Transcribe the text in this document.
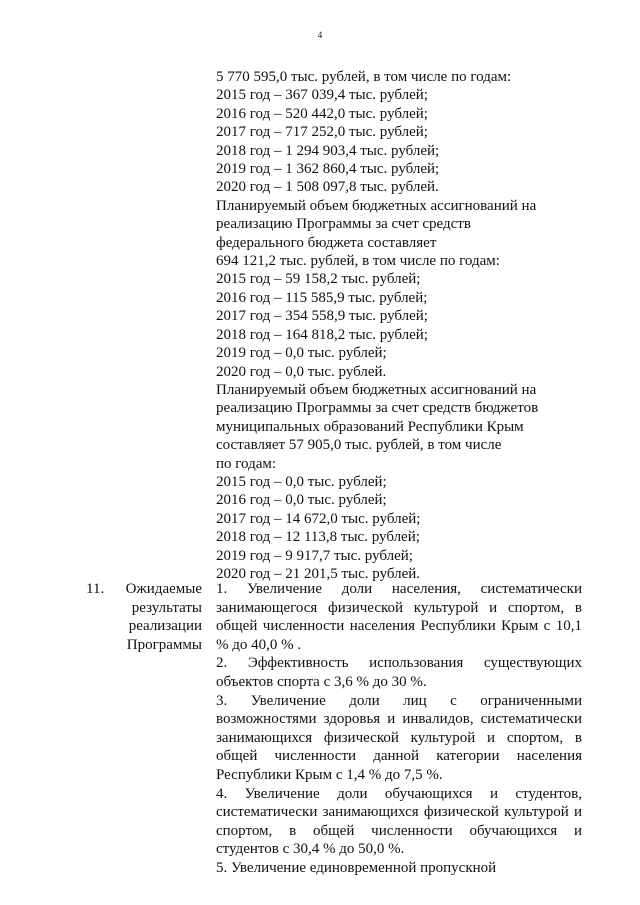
4
5 770 595,0 тыс. рублей, в том числе по годам:
2015 год – 367 039,4 тыс. рублей;
2016 год – 520 442,0 тыс. рублей;
2017 год – 717 252,0 тыс. рублей;
2018 год – 1 294 903,4 тыс. рублей;
2019 год – 1 362 860,4 тыс. рублей;
2020 год – 1 508 097,8 тыс. рублей.
Планируемый объем бюджетных ассигнований на
реализацию Программы за счет средств
федерального бюджета составляет
694 121,2 тыс. рублей, в том числе по годам:
2015 год – 59 158,2 тыс. рублей;
2016 год – 115 585,9 тыс. рублей;
2017 год – 354 558,9 тыс. рублей;
2018 год – 164 818,2 тыс. рублей;
2019 год – 0,0 тыс. рублей;
2020 год – 0,0 тыс. рублей.
Планируемый объем бюджетных ассигнований на
реализацию Программы за счет средств бюджетов
муниципальных образований Республики Крым
составляет 57 905,0 тыс. рублей, в том числе
по годам:
2015 год – 0,0 тыс. рублей;
2016 год – 0,0 тыс. рублей;
2017 год – 14 672,0 тыс. рублей;
2018 год – 12 113,8 тыс. рублей;
2019 год – 9 917,7 тыс. рублей;
2020 год – 21 201,5 тыс. рублей.
11. Ожидаемые
результаты
реализации
Программы

1. Увеличение доли населения, систематически занимающегося физической культурой и спортом, в общей численности населения Республики Крым с 10,1 % до 40,0 % .

2. Эффективность использования существующих объектов спорта с 3,6 % до 30 %.

3. Увеличение доли лиц с ограниченными возможностями здоровья и инвалидов, систематически занимающихся физической культурой и спортом, в общей численности данной категории населения Республики Крым с 1,4 % до 7,5 %.

4. Увеличение доли обучающихся и студентов, систематически занимающихся физической культурой и спортом, в общей численности обучающихся и студентов с 30,4 % до 50,0 %.

5. Увеличение единовременной пропускной
